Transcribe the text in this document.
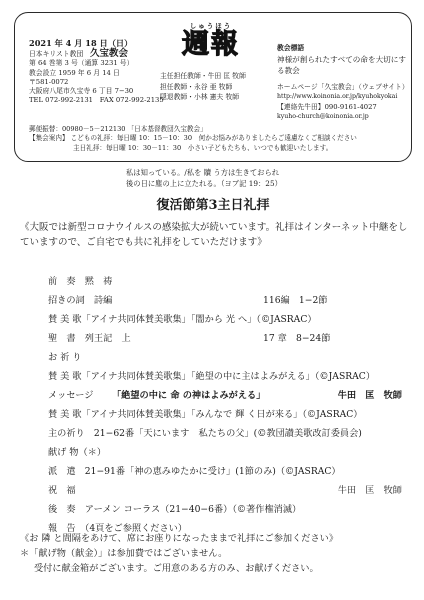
2021 年 4 月 18 日（日）
日本キリスト教団　 久宝教会
第 64 巻第 3 号（通算 3231 号）
教会設立 1959 年 6 月 14 日
〒581-0072
大阪府八尾市久宝寺 6 丁目 7−30
TEL 072-992-2131　FAX 072-992-2135
しゅうほう
週報
主任担任教師・牛田 匡 牧師
担任教師・永谷 亜 牧師
隠退教師・小林 憲夫 牧師
教会標語
神様が創られたすべての命を大切にする教会
ホームページ「久宝教会」（ウェブサイト）
http://www.koinonia.or.jp/kyuhokyokai
【連絡先牛田】090-9161-4027
kyuho-church@koinonia.or.jp
郵便振替：00980－5－212130 「日本基督教団久宝教会」
【集会案内】 こどもの礼拝：毎日曜 10：15－10：30　何かお悩みがありましたらご遠慮なくご相談ください
主日礼拝：毎日曜 10：30－11：30　小さい子どもたちも、いつでも歓迎いたします。
私は知っている。/私を 贖 う方は生きておられ
後の日に塵の上に立たれる。（ヨブ記 19：25）
復活節第3主日礼拝
《大阪では新型コロナウイルスの感染拡大が続いています。礼拝はインターネット中継をしていますので、ご自宅でも共に礼拝をしていただけます》
前　奏　黙　祷
招きの詞　詩編	116編　1−2節
賛 美 歌「アイナ共同体賛美歌集」「闇から 光 へ」（©JASRAC）
聖　書　列王記　上	17 章　8−24節
お 祈 り
賛 美 歌「アイナ共同体賛美歌集」「絶望の中に主はよみがえる」（©JASRAC）
メッセージ 「絶望の中に 命 の神はよみがえる」	牛田　匡　牧師
賛 美 歌「アイナ共同体賛美歌集」「みんなで 輝 く日が来る」（©JASRAC）
主の祈り　21−62番「天にいます　私たちの父」(©教団讃美歌改訂委員会)
献げ 物（＊）
派　遣　21−91番「神の恵みゆたかに受け」(1節のみ)（©JASRAC）
祝　福	牛田　匡　牧師
後　奏　アーメン コーラス（21−40−6番）（©著作権消滅）
報　告　（4頁をご参照ください）
《お 隣 と間隔をあけて、席にお座りになったままで礼拝にご参加ください》
＊「献げ物（献金）」は参加費ではございません。
受付に献金箱がございます。ご用意のある方のみ、お献げください。
